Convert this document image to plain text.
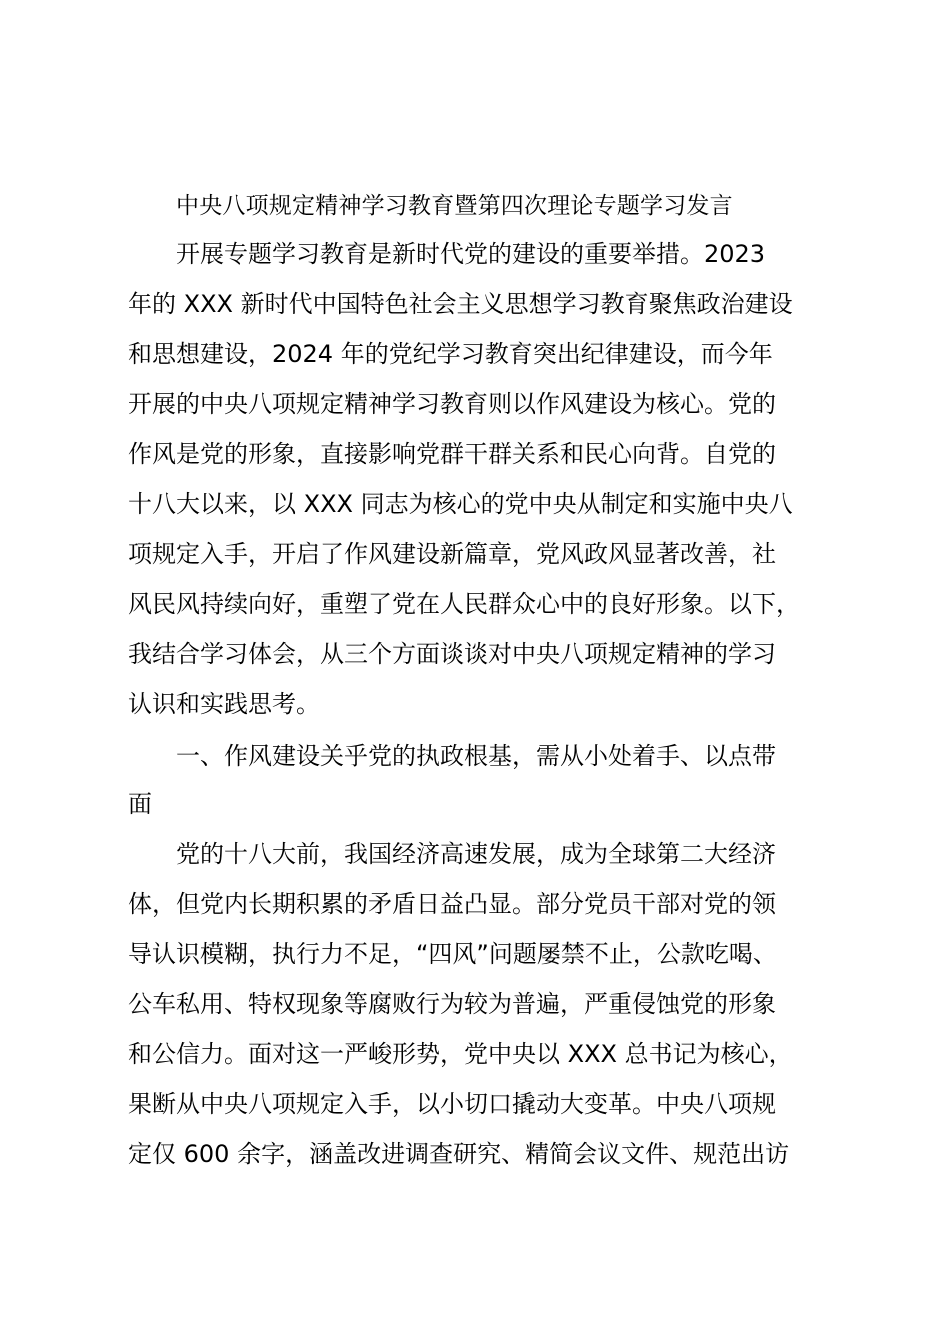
中央八项规定精神学习教育暨第四次理论专题学习发言
开展专题学习教育是新时代党的建设的重要举措。2023
年的 XXX 新时代中国特色社会主义思想学习教育聚焦政治建设
和思想建设，2024 年的党纪学习教育突出纪律建设，而今年
开展的中央八项规定精神学习教育则以作风建设为核心。党的
作风是党的形象，直接影响党群干群关系和民心向背。自党的
十八大以来，以 XXX 同志为核心的党中央从制定和实施中央八
项规定入手，开启了作风建设新篇章，党风政风显著改善，社
风民风持续向好，重塑了党在人民群众心中的良好形象。以下，
我结合学习体会，从三个方面谈谈对中央八项规定精神的学习
认识和实践思考。
一、作风建设关乎党的执政根基，需从小处着手、以点带
面
党的十八大前，我国经济高速发展，成为全球第二大经济
体，但党内长期积累的矛盾日益凸显。部分党员干部对党的领
导认识模糊，执行力不足，“四风”问题屡禁不止，公款吃喝、
公车私用、特权现象等腐败行为较为普遍，严重侵蚀党的形象
和公信力。面对这一严峻形势，党中央以 XXX 总书记为核心，
果断从中央八项规定入手，以小切口撬动大变革。中央八项规
定仅 600 余字，涵盖改进调查研究、精简会议文件、规范出访
